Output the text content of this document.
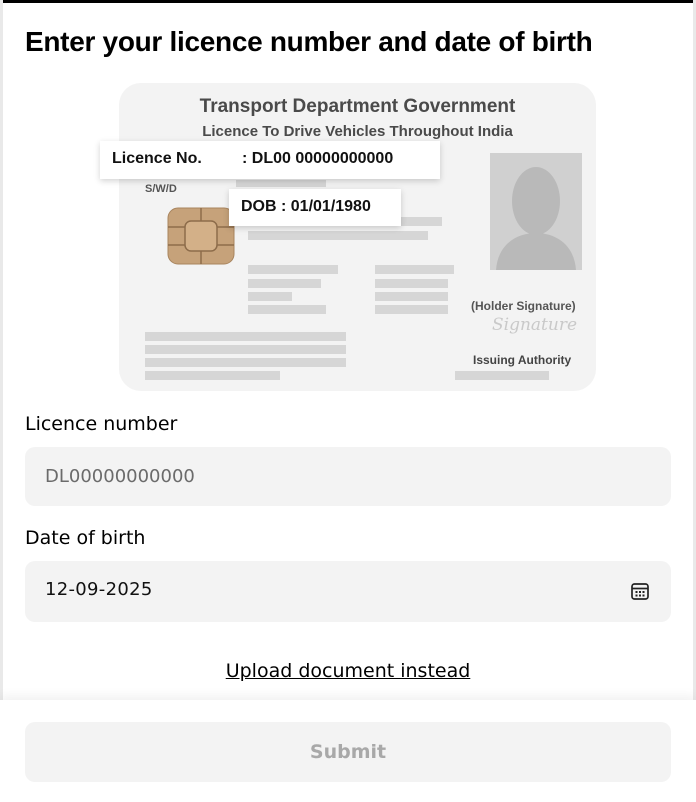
Enter your licence number and date of birth
Transport Department Government
Licence To Drive Vehicles Throughout India
S/W/D
(Holder Signature)
Signature
Issuing Authority
Licence No.	: DL00 00000000000
DOB : 01/01/1980
Licence number
DL00000000000
Date of birth
12-09-2025
Upload document instead
Submit
